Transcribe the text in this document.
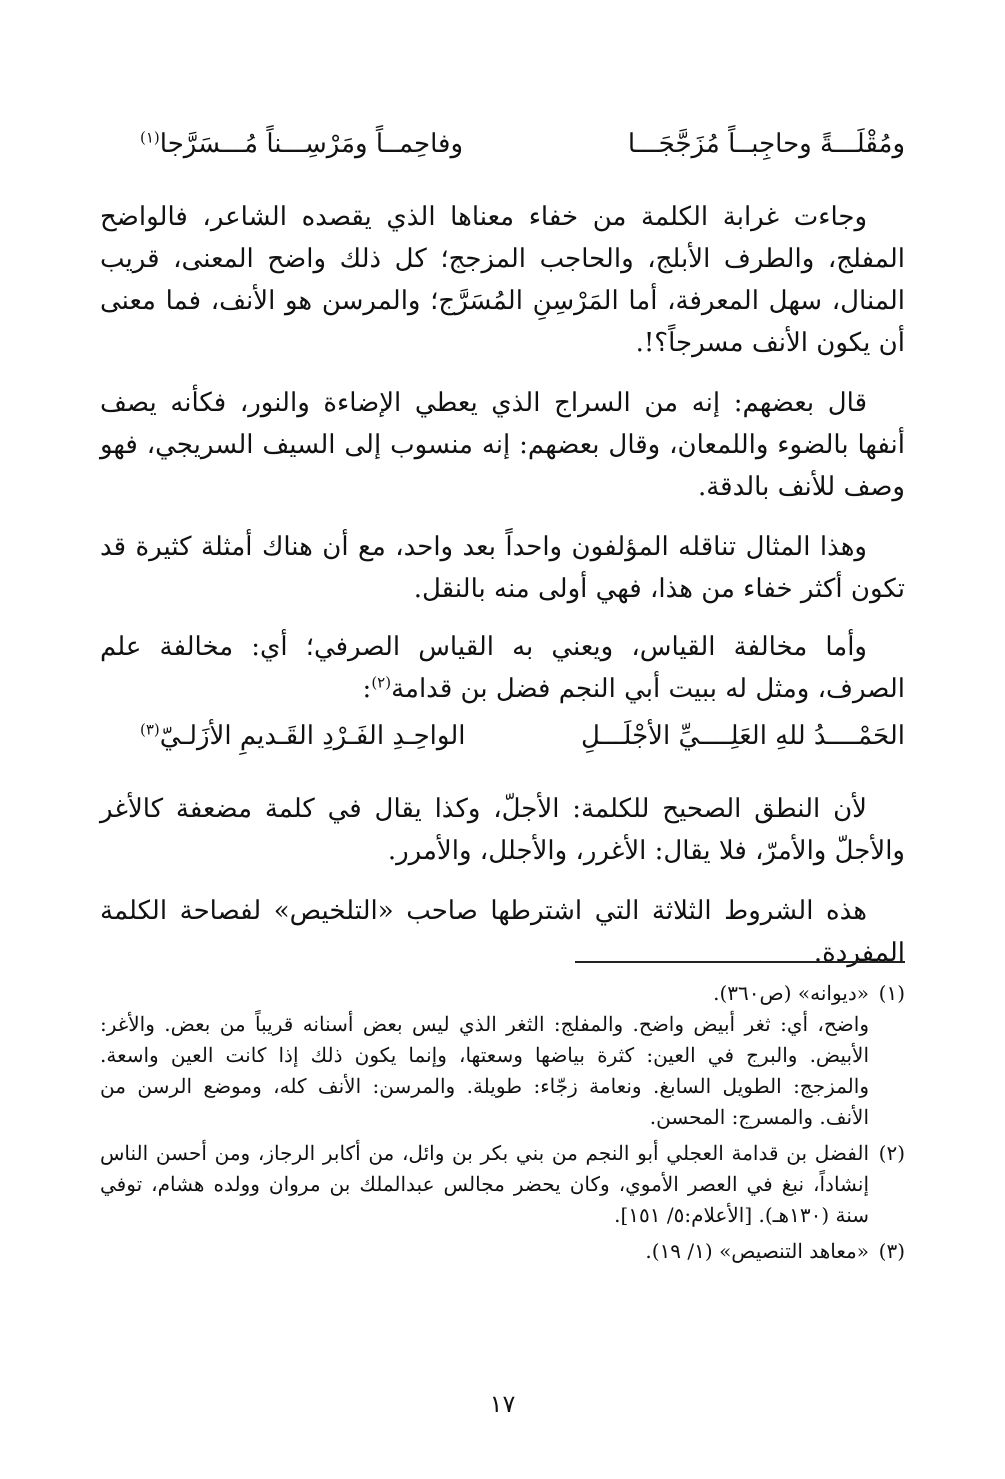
ومُقْلَـــةً وحاجِبــاً مُزَجَّجَـــا
وفاحِمــاً ومَرْسِـــناً مُـــسَرَّجا$^{(١)}$

وجاءت غرابة الكلمة من خفاء معناها الذي يقصده الشاعر، فالواضح المفلج، والطرف الأبلج، والحاجب المزجج؛ كل ذلك واضح المعنى، قريب المنال، سهل المعرفة، أما المَرْسِنِ المُسَرَّج؛ والمرسن هو الأنف، فما معنى أن يكون الأنف مسرجاً؟!.

قال بعضهم: إنه من السراج الذي يعطي الإضاءة والنور، فكأنه يصف أنفها بالضوء واللمعان، وقال بعضهم: إنه منسوب إلى السيف السريجي، فهو وصف للأنف بالدقة.

وهذا المثال تناقله المؤلفون واحداً بعد واحد، مع أن هناك أمثلة كثيرة قد تكون أكثر خفاء من هذا، فهي أولى منه بالنقل.

وأما مخالفة القياس، ويعني به القياس الصرفي؛ أي: مخالفة علم الصرف، ومثل له ببيت أبي النجم فضل بن قدامة$^{(٢)}$:

الحَمْــــدُ للهِ العَلِــــيِّ الأجْلَـــلِ
الواحِـدِ الفَـرْدِ القَـديمِ الأزَلـيّ$^{(٣)}$

لأن النطق الصحيح للكلمة: الأجلّ، وكذا يقال في كلمة مضعفة كالأغر والأجلّ والأمرّ، فلا يقال: الأغرر، والأجلل، والأمرر.

هذه الشروط الثلاثة التي اشترطها صاحب «التلخيص» لفصاحة الكلمة المفردة.

(١)
«ديوانه» (ص٣٦٠).
واضح، أي: ثغر أبيض واضح. والمفلج: الثغر الذي ليس بعض أسنانه قريباً من بعض. والأغر: الأبيض. والبرج في العين: كثرة بياضها وسعتها، وإنما يكون ذلك إذا كانت العين واسعة. والمزجج: الطويل السابغ. ونعامة زجّاء: طويلة. والمرسن: الأنف كله، وموضع الرسن من الأنف. والمسرج: المحسن.
(٢)
الفضل بن قدامة العجلي أبو النجم من بني بكر بن وائل، من أكابر الرجاز، ومن أحسن الناس إنشاداً، نبغ في العصر الأموي، وكان يحضر مجالس عبدالملك بن مروان وولده هشام، توفي سنة (١٣٠هـ). [الأعلام:٥/ ١٥١].
(٣)
«معاهد التنصيص» (١/ ١٩).
١٧
